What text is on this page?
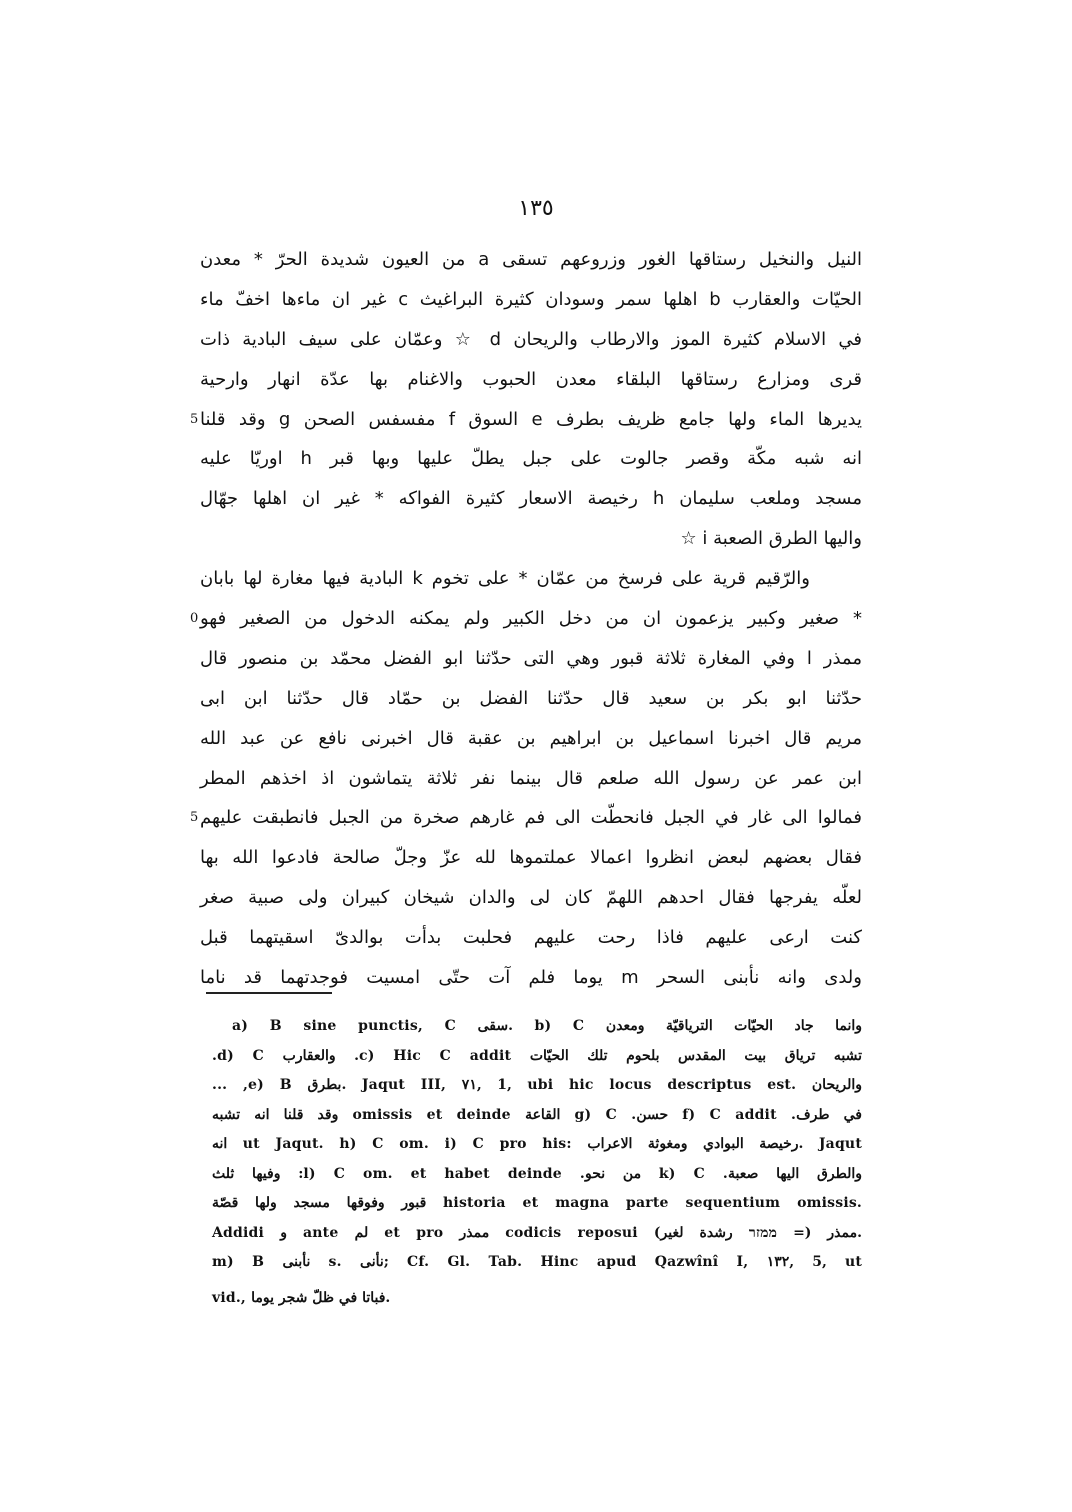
١٣٥
النيل والنخيل رستاقها الغور وزروعهم تسقى a من العيون شديدة الحرّ * معدن
الحيّات والعقارب b اهلها سمر وسودان كثيرة البراغيث c غير ان ماءها اخفّ ماء
في الاسلام كثيرة الموز والارطاب والريحان d ☆ وعمّان على سيف البادية ذات
قرى ومزارع رستاقها البلقاء معدن الحبوب والاغنام بها عدّة انهار وارحية
يديرها الماء ولها جامع ظريف بطرف e السوق f مفسفس الصحن g وقد قلنا
5
انه شبه مكّة وقصر جالوت على جبل يطلّ عليها وبها قبر h اوريّا عليه
مسجد وملعب سليمان h رخيصة الاسعار كثيرة الفواكه * غير ان اهلها جهّال
واليها الطرق الصعبة i ☆
والرّقيم قرية على فرسخ من عمّان * على تخوم k البادية فيها مغارة لها بابان
* صغير وكبير يزعمون ان من دخل الكبير ولم يمكنه الدخول من الصغير فهو
0
ممذر l وفي المغارة ثلاثة قبور وهي التى حدّثنا ابو الفضل محمّد بن منصور قال
حدّثنا ابو بكر بن سعيد قال حدّثنا الفضل بن حمّاد قال حدّثنا ابن ابى
مريم قال اخبرنا اسماعيل بن ابراهيم بن عقبة قال اخبرنى نافع عن عبد الله
ابن عمر عن رسول الله صلعم قال بينما نفر ثلاثة يتماشون اذ اخذهم المطر
فمالوا الى غار في الجبل فانحطّت الى فم غارهم صخرة من الجبل فانطبقت عليهم
5
فقال بعضهم لبعض انظروا اعمالا عملتموها لله عزّ وجلّ صالحة فادعوا الله بها
لعلّه يفرجها فقال احدهم اللهمّ كان لى والدان شيخان كبيران ولى صبية صغر
كنت ارعى عليهم فاذا رحت عليهم فحلبت بدأت بوالدىّ اسقيتهما قبل
ولدى وانه نأبنى السحر m يوما فلم آت حتّى امسيت فوجدتهما قد ناما
a) B sine punctis, C سقى. b) C وانما جاد الحيّات الترياقيّة ومعدن
.d) C والعقارب .c) Hic C addit تشبه ترياق بيت المقدس بلحوم تلك الحيّات
... ,e) B بطرق. Jaqut III, ٧١, 1, ubi hic locus descriptus est. والريحان
وقد قلنا انه تشبه omissis et deinde القاعة g) C .حسن f) C addit .في طرف
انه ut Jaqut. h) C om. i) C pro his: رخيصة البوادي ومغوثة الاعراب. Jaqut
وفيها ثلث :l) C om. et habet deinde .من نحو k) C .والطرق اليها صعبة
قبور وفوقها مسجد ولها قصّة historia et magna parte sequentium omissis.
Addidi و ante لم et pro ممذر codicis reposui ممذر (= ממזר رشدة لغير).
m) B نأبنى s. نأنى; Cf. Gl. Tab. Hinc apud Qazwînî I, ١٣٢, 5, ut
vid., فباتا في ظلّ شجر يوما.
